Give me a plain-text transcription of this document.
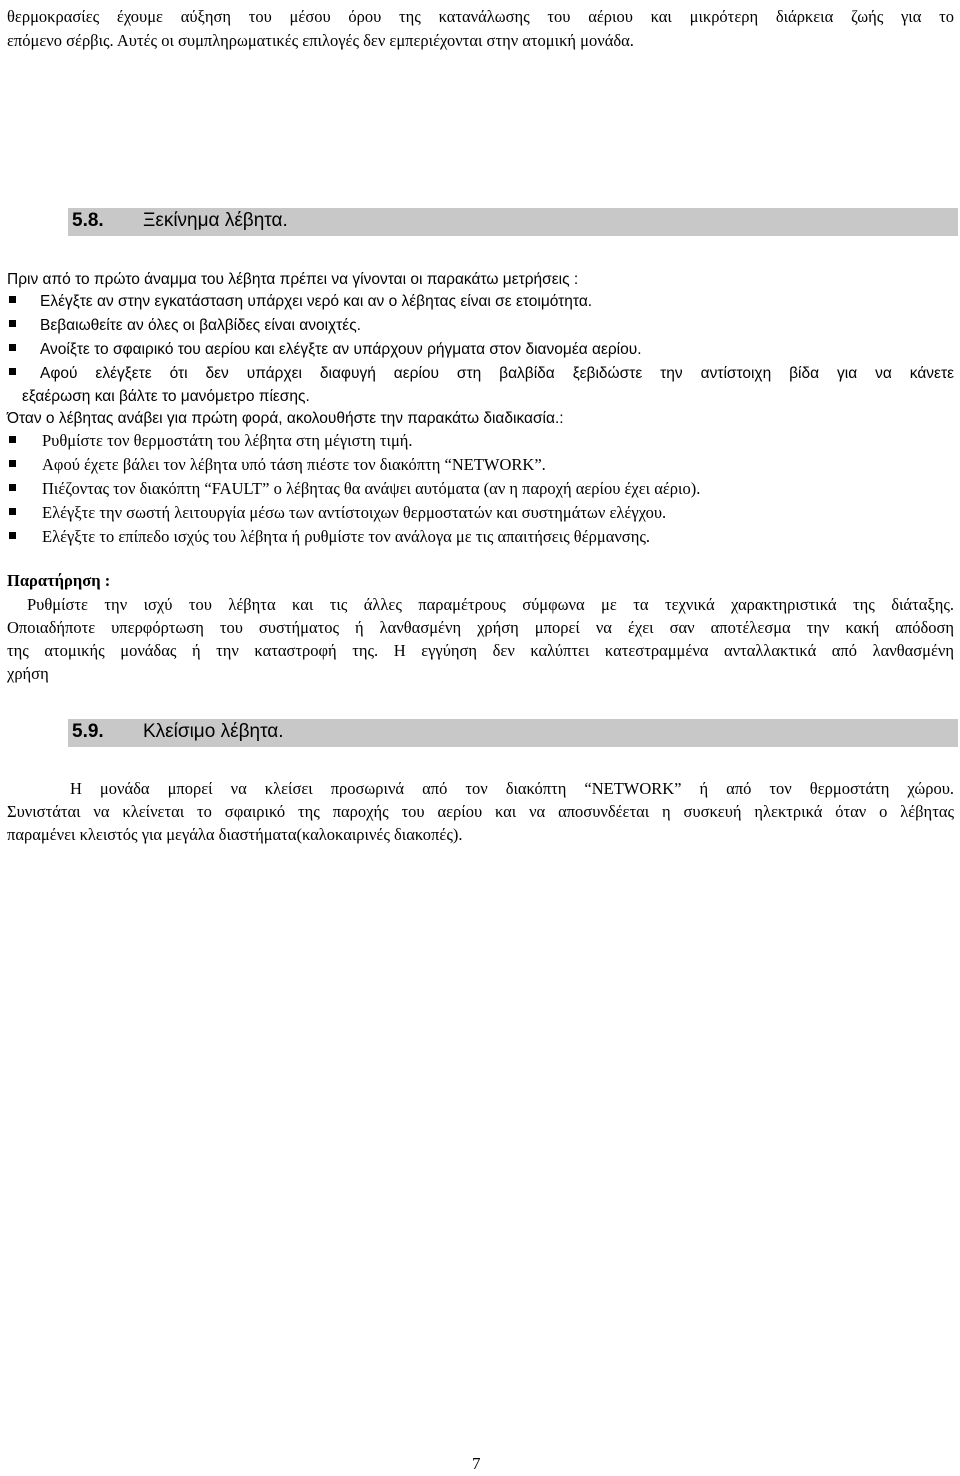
θερμοκρασίες έχουμε αύξηση του μέσου όρου της κατανάλωσης του αέριου και μικρότερη διάρκεια ζωής για το
επόμενο σέρβις. Αυτές οι συμπληρωματικές επιλογές δεν εμπεριέχονται στην ατομική μονάδα.
5.8. Ξεκίνημα λέβητα.
Πριν από το πρώτο άναμμα του λέβητα πρέπει να γίνονται οι παρακάτω μετρήσεις :
Ελέγξτε αν στην εγκατάσταση υπάρχει νερό και αν ο λέβητας είναι σε ετοιμότητα.
Βεβαιωθείτε αν όλες οι βαλβίδες είναι ανοιχτές.
Ανοίξτε το σφαιρικό του αερίου και ελέγξτε αν υπάρχουν ρήγματα στον διανομέα αερίου.
Αφού ελέγξετε ότι δεν υπάρχει διαφυγή αερίου στη βαλβίδα ξεβιδώστε την αντίστοιχη βίδα για να κάνετε
εξαέρωση και βάλτε το μανόμετρο πίεσης.
Όταν ο λέβητας ανάβει για πρώτη φορά, ακολουθήστε την παρακάτω διαδικασία.:
Ρυθμίστε τον θερμοστάτη του λέβητα στη μέγιστη τιμή.
Αφού έχετε βάλει τον λέβητα υπό τάση πιέστε τον διακόπτη “NETWORK”.
Πιέζοντας τον διακόπτη “FAULT” ο λέβητας θα ανάψει αυτόματα (αν η παροχή αερίου έχει αέριο).
Ελέγξτε την σωστή λειτουργία μέσω των αντίστοιχων θερμοστατών και συστημάτων ελέγχου.
Ελέγξτε το επίπεδο ισχύς του λέβητα ή ρυθμίστε τον ανάλογα με τις απαιτήσεις θέρμανσης.
Παρατήρηση :
Ρυθμίστε την ισχύ του λέβητα και τις άλλες παραμέτρους σύμφωνα με τα τεχνικά χαρακτηριστικά της διάταξης.
Οποιαδήποτε υπερφόρτωση του συστήματος ή λανθασμένη χρήση μπορεί να έχει σαν αποτέλεσμα την κακή απόδοση
της ατομικής μονάδας ή την καταστροφή της. Η εγγύηση δεν καλύπτει κατεστραμμένα ανταλλακτικά από λανθασμένη
χρήση
5.9. Κλείσιμο λέβητα.
Η μονάδα μπορεί να κλείσει προσωρινά από τον διακόπτη “NETWORK” ή από τον θερμοστάτη χώρου.
Συνιστάται να κλείνεται το σφαιρικό της παροχής του αερίου και να αποσυνδέεται η συσκευή ηλεκτρικά όταν ο λέβητας
παραμένει κλειστός για μεγάλα διαστήματα(καλοκαιρινές διακοπές).
7
